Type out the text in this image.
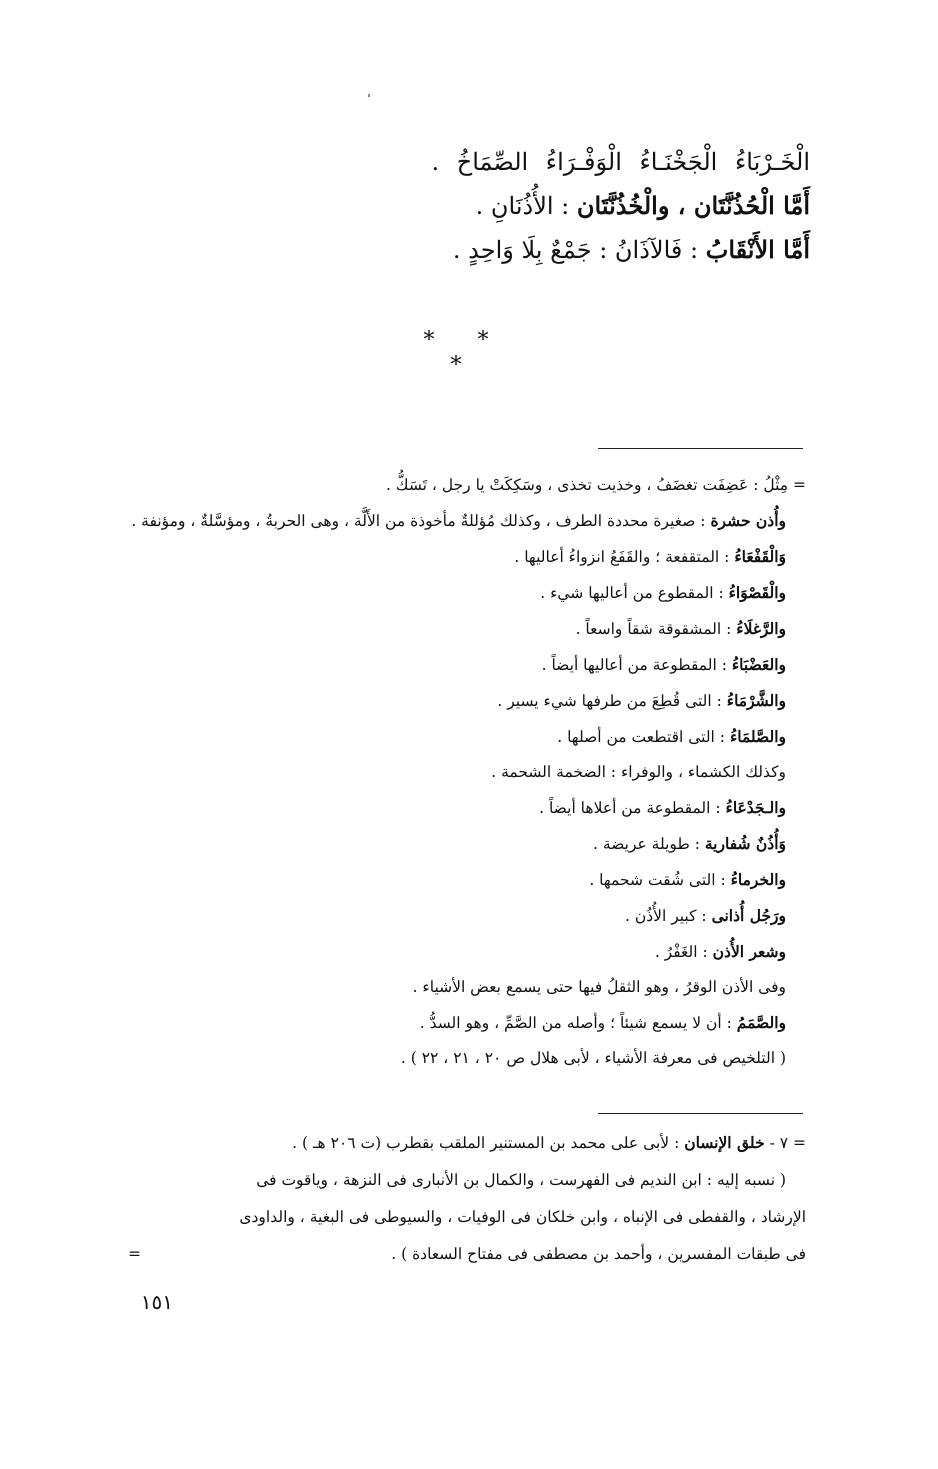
الْخَـرْبَاءُ الْجَخْنَـاءُ الْوَفْـرَاءُ الصِّمَاخُ .
أَمَّا الْحُذُنَّتَان ، والْخُذُنَّتَان : الأُذُنَانِ .
أَمَّا الأَنْقَابُ : فَالآذَانُ : جَمْعٌ بِلَا وَاحِدٍ .
* * *
= مِثْلُ : عَضِفَت تغضَفُ ، وخذيت تخذى ، وسَكِكَتْ يا رجل ، تَسَكُّ .
وأُذن حشرة : صغيرة محددة الطرف ، وكذلك مُؤللةٌ مأخوذة من الأَلَّة ، وهى الحربةُ ، ومؤسَّلةٌ ، ومؤنفة .
وَالْقَفْعَاءُ : المتقفعة ؛ والقَفَعُ انزواءُ أعاليها .
والْقَصْوَاءُ : المقطوع من أعاليها شيء .
والرَّغلَاءُ : المشقوقة شقاً واسعاً .
والعَضْبَاءُ : المقطوعة من أعاليها أيضاً .
والشَّرْمَاءُ : التى قُطِعَ من طرفها شيء يسير .
والصَّلمَاءُ : التى اقتطعت من أصلها .
وكذلك الكشماء ، والوفراء : الضخمة الشحمة .
والـجَدْعَاءُ : المقطوعة من أعلاها أيضاً .
وَأُذُنٌ شُفارية : طويلة عريضة .
والخرماءُ : التى شُقت شحمها .
ورَجُل أُذانى : كبير الأُذُن .
وشعر الأُذن : الغَفْرُ .
وفى الأذن الوقرُ ، وهو الثقلُ فيها حتى يسمع بعض الأشياء .
والصَّمَمُ : أن لا يسمع شيئاً ؛ وأصله من الصَّمِّ ، وهو السدُّ .
( التلخيص فى معرفة الأشياء ، لأبى هلال ص ٢٠ ، ٢١ ، ٢٢ ) .
= ٧ - خلق الإنسان : لأبى على محمد بن المستنير الملقب بقطرب (ت ٢٠٦ هـ ) .
( نسبه إليه : ابن النديم فى الفهرست ، والكمال بن الأنبارى فى النزهة ، وياقوت فى
الإرشاد ، والقفطى فى الإنباه ، وابن خلكان فى الوفيات ، والسيوطى فى البغية ، والداودى
فى طبقات المفسرين ، وأحمد بن مصطفى فى مفتاح السعادة ) .
=
١٥١
